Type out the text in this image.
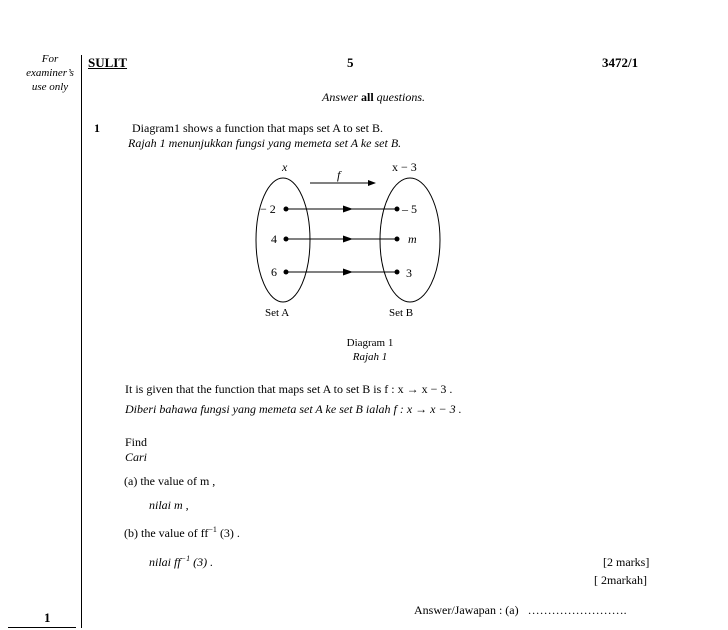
For
examiner’s
use only
1
SULIT	5	3472/1
Answer all questions.
1	Diagram1 shows a function that maps set A to set B.
Rajah 1 menunjukkan fungsi yang memeta set A ke set B.
x	x − 3
f
− 2
4
6
– 5
m
3
Set A	Set B
Diagram 1
Rajah 1
It is given that the function that maps set A to set B is f : x → x − 3 .
Diberi bahawa fungsi yang memeta set A ke set B ialah f : x → x − 3 .
Find
Cari
(a) the value of m ,
nilai m ,
(b) the value of $ff^{-1}$ (3) .
nilai $ff^{-1}$ (3) .	[2 marks]
[ 2markah]
Answer/Jawapan : (a) …………………….
